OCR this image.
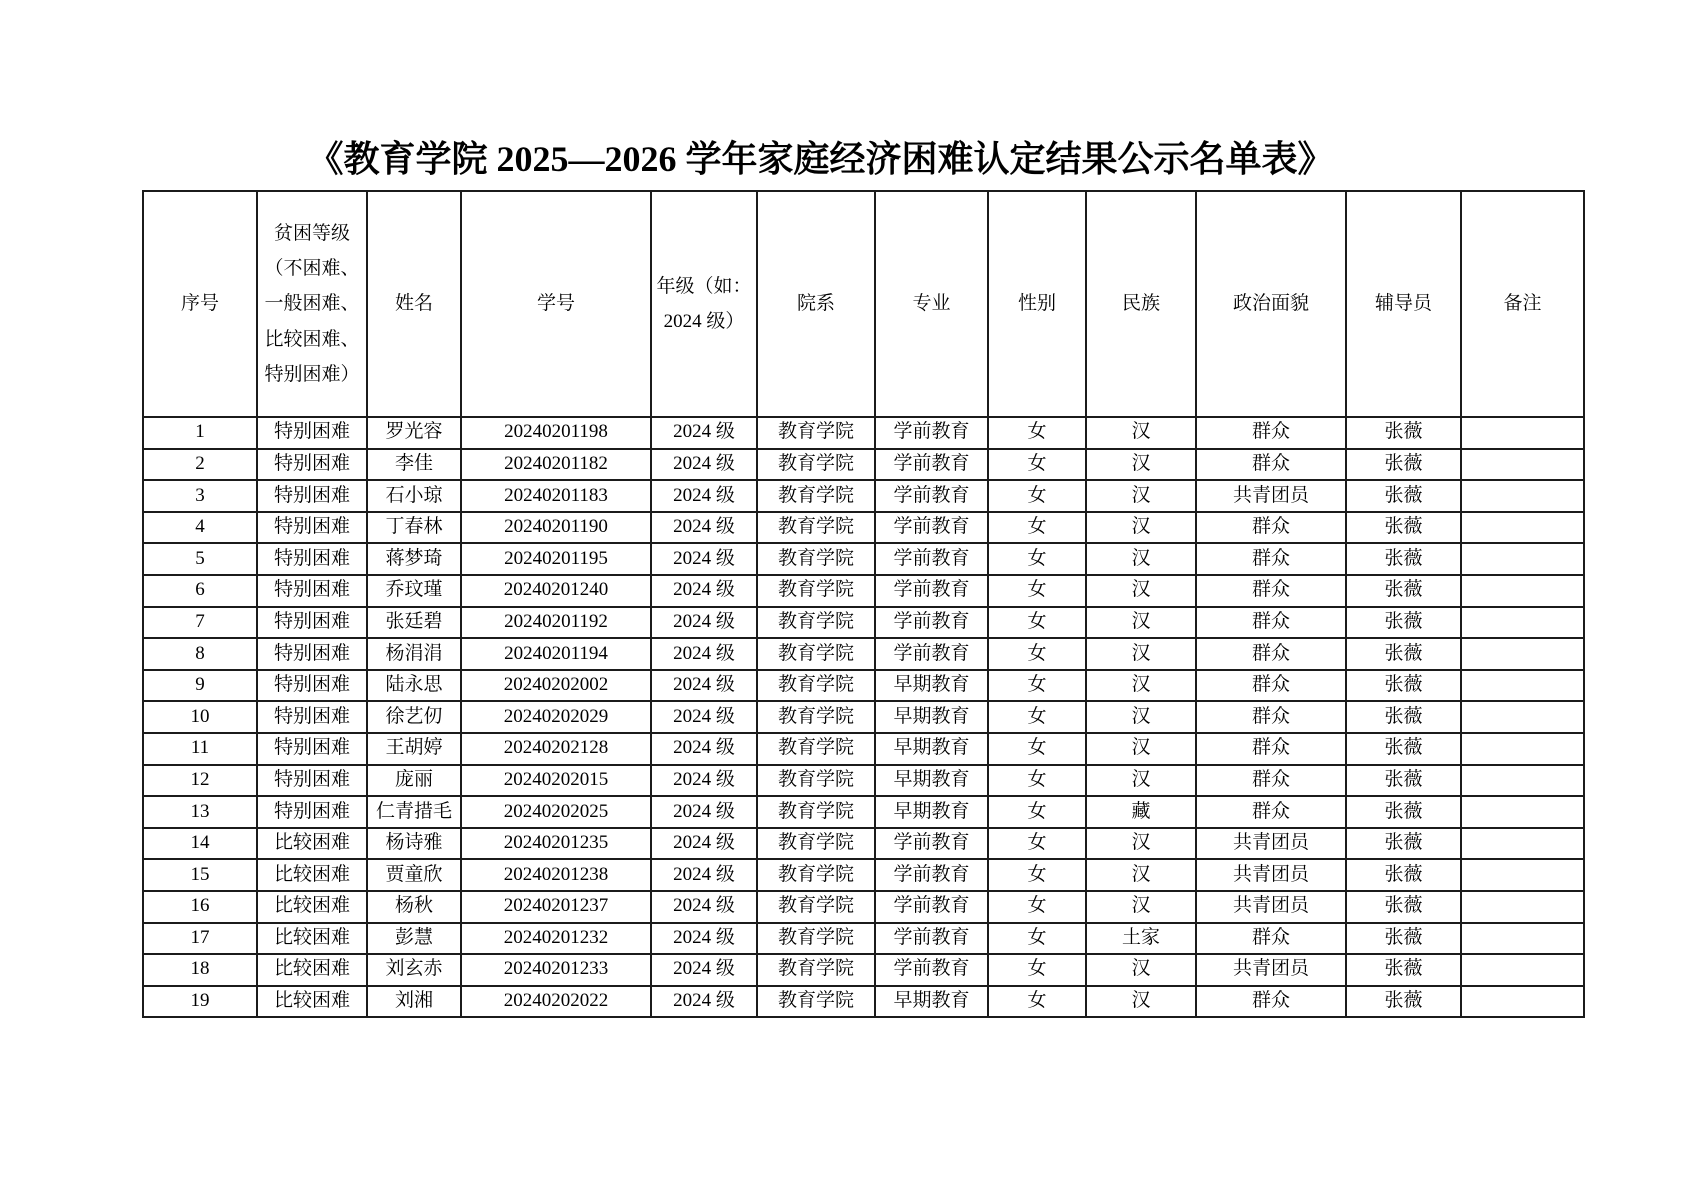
《教育学院 2025—2026 学年家庭经济困难认定结果公示名单表》
序号	贫困等级（不困难、一般困难、比较困难、特别困难）	姓名	学号	年级（如：2024 级）	院系	专业	性别	民族	政治面貌	辅导员	备注
1	特别困难	罗光容	20240201198	2024 级	教育学院	学前教育	女	汉	群众	张薇	
2	特别困难	李佳	20240201182	2024 级	教育学院	学前教育	女	汉	群众	张薇	
3	特别困难	石小琼	20240201183	2024 级	教育学院	学前教育	女	汉	共青团员	张薇	
4	特别困难	丁春林	20240201190	2024 级	教育学院	学前教育	女	汉	群众	张薇	
5	特别困难	蒋梦琦	20240201195	2024 级	教育学院	学前教育	女	汉	群众	张薇	
6	特别困难	乔玟瑾	20240201240	2024 级	教育学院	学前教育	女	汉	群众	张薇	
7	特别困难	张廷碧	20240201192	2024 级	教育学院	学前教育	女	汉	群众	张薇	
8	特别困难	杨涓涓	20240201194	2024 级	教育学院	学前教育	女	汉	群众	张薇	
9	特别困难	陆永思	20240202002	2024 级	教育学院	早期教育	女	汉	群众	张薇	
10	特别困难	徐艺仞	20240202029	2024 级	教育学院	早期教育	女	汉	群众	张薇	
11	特别困难	王胡婷	20240202128	2024 级	教育学院	早期教育	女	汉	群众	张薇	
12	特别困难	庞丽	20240202015	2024 级	教育学院	早期教育	女	汉	群众	张薇	
13	特别困难	仁青措毛	20240202025	2024 级	教育学院	早期教育	女	藏	群众	张薇	
14	比较困难	杨诗雅	20240201235	2024 级	教育学院	学前教育	女	汉	共青团员	张薇	
15	比较困难	贾童欣	20240201238	2024 级	教育学院	学前教育	女	汉	共青团员	张薇	
16	比较困难	杨秋	20240201237	2024 级	教育学院	学前教育	女	汉	共青团员	张薇	
17	比较困难	彭慧	20240201232	2024 级	教育学院	学前教育	女	土家	群众	张薇	
18	比较困难	刘玄赤	20240201233	2024 级	教育学院	学前教育	女	汉	共青团员	张薇	
19	比较困难	刘湘	20240202022	2024 级	教育学院	早期教育	女	汉	群众	张薇	
